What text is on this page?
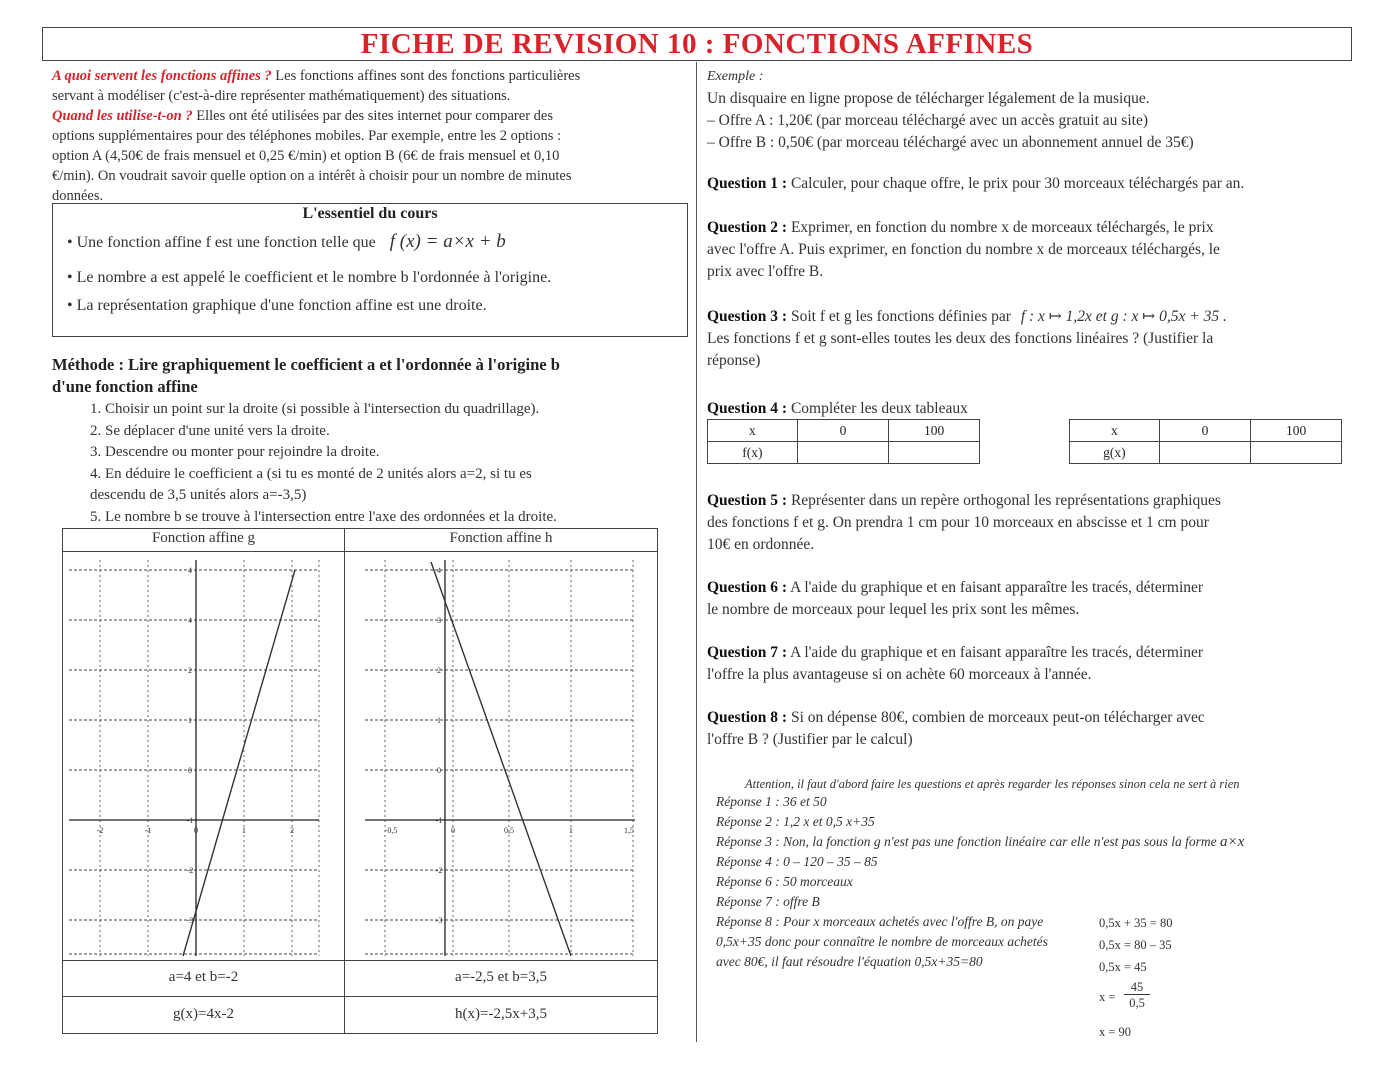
FICHE DE REVISION 10 : FONCTIONS AFFINES
A quoi servent les fonctions affines ? Les fonctions affines sont des fonctions particulières
servant à modéliser (c'est-à-dire représenter mathématiquement) des situations.
Quand les utilise-t-on ? Elles ont été utilisées par des sites internet pour comparer des
options supplémentaires pour des téléphones mobiles. Par exemple, entre les 2 options :
option A (4,50€ de frais mensuel et 0,25 €/min) et option B (6€ de frais mensuel et 0,10
€/min). On voudrait savoir quelle option on a intérêt à choisir pour un nombre de minutes
données.
L'essentiel du cours
• Une fonction affine f est une fonction telle que f (x) = a×x + b
• Le nombre a est appelé le coefficient et le nombre b l'ordonnée à l'origine.
• La représentation graphique d'une fonction affine est une droite.
Méthode : Lire graphiquement le coefficient a et l'ordonnée à l'origine b
d'une fonction affine
1. Choisir un point sur la droite (si possible à l'intersection du quadrillage).
2. Se déplacer d'une unité vers la droite.
3. Descendre ou monter pour rejoindre la droite.
4. En déduire le coefficient a (si tu es monté de 2 unités alors a=2, si tu es
descendu de 3,5 unités alors a=-3,5)
5. Le nombre b se trouve à l'intersection entre l'axe des ordonnées et la droite.
Fonction affine g	Fonction affine h
-2	-1	0	1	2
4
4
2
1
0
-1
-2
-3
-0,5	0	0,5	1	1,5
4
3
2
1
0
-1
-2
-3
a=4 et b=-2	a=-2,5 et b=3,5
g(x)=4x-2	h(x)=-2,5x+3,5
Exemple :
Un disquaire en ligne propose de télécharger légalement de la musique.
– Offre A : 1,20€ (par morceau téléchargé avec un accès gratuit au site)
– Offre B : 0,50€ (par morceau téléchargé avec un abonnement annuel de 35€)
Question 1 : Calculer, pour chaque offre, le prix pour 30 morceaux téléchargés par an.
Question 2 : Exprimer, en fonction du nombre x de morceaux téléchargés, le prix
avec l'offre A. Puis exprimer, en fonction du nombre x de morceaux téléchargés, le
prix avec l'offre B.
Question 3 : Soit f et g les fonctions définies par f : x ↦ 1,2x et g : x ↦ 0,5x + 35 .
Les fonctions f et g sont-elles toutes les deux des fonctions linéaires ? (Justifier la
réponse)
Question 4 : Compléter les deux tableaux
x	0	100
f(x)		
x	0	100
g(x)		
Question 5 : Représenter dans un repère orthogonal les représentations graphiques
des fonctions f et g. On prendra 1 cm pour 10 morceaux en abscisse et 1 cm pour
10€ en ordonnée.
Question 6 : A l'aide du graphique et en faisant apparaître les tracés, déterminer
le nombre de morceaux pour lequel les prix sont les mêmes.
Question 7 : A l'aide du graphique et en faisant apparaître les tracés, déterminer
l'offre la plus avantageuse si on achète 60 morceaux à l'année.
Question 8 : Si on dépense 80€, combien de morceaux peut-on télécharger avec
l'offre B ? (Justifier par le calcul)
Attention, il faut d'abord faire les questions et après regarder les réponses sinon cela ne sert à rien
Réponse 1 : 36 et 50
Réponse 2 : 1,2 x et 0,5 x+35
Réponse 3 : Non, la fonction g n'est pas une fonction linéaire car elle n'est pas sous la forme a×x
Réponse 4 : 0 – 120 – 35 – 85
Réponse 6 : 50 morceaux
Réponse 7 : offre B
Réponse 8 : Pour x morceaux achetés avec l'offre B, on paye
0,5x+35 donc pour connaître le nombre de morceaux achetés
avec 80€, il faut résoudre l'équation 0,5x+35=80
0,5x + 35 = 80
0,5x = 80 – 35
0,5x = 45
$x = \frac{45}{0,5}$
x = 90
